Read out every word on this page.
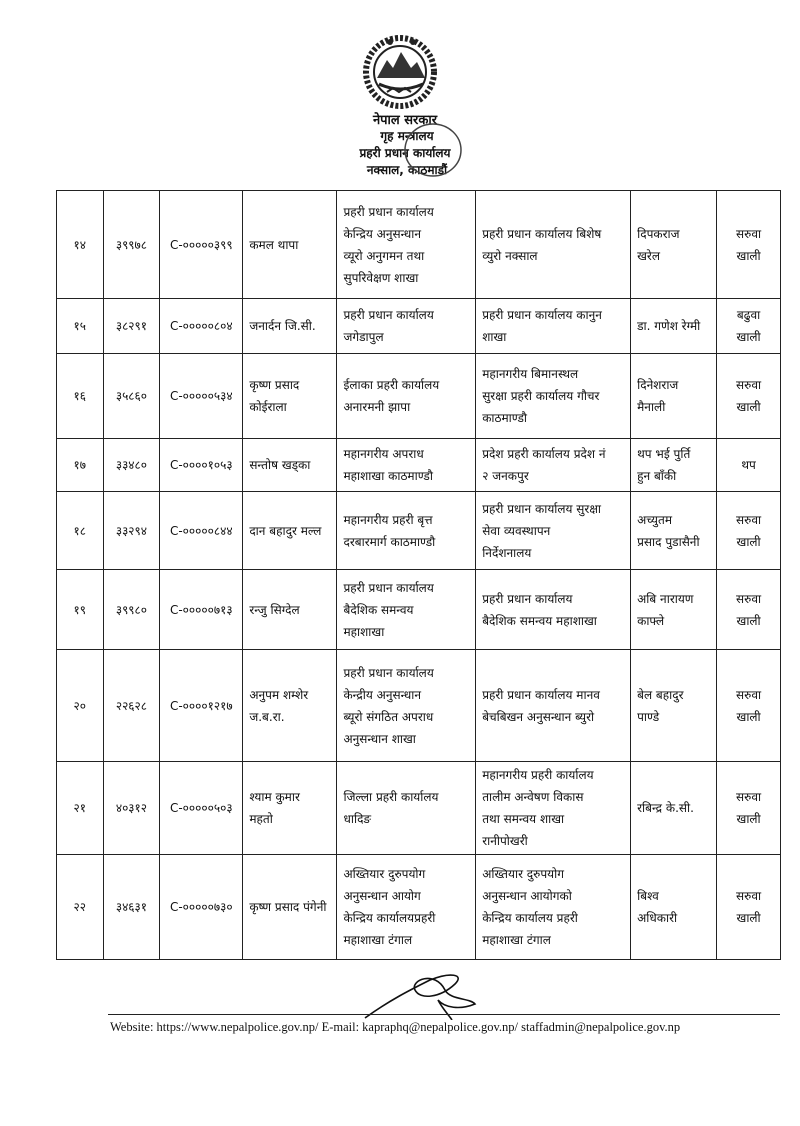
नेपाल सरकार
गृह मन्त्रालय
प्रहरी प्रधान कार्यालय
नक्साल, काठमाडौं
१४	३९९७८	C-०००००३९९	कमल थापा	प्रहरी प्रधान कार्यालय
केन्द्रिय अनुसन्धान
व्यूरो अनुगमन तथा
सुपरिवेक्षण शाखा	प्रहरी प्रधान कार्यालय बिशेष
व्युरो नक्साल	दिपकराज
खरेल	सरुवा
खाली

१५	३८२९१	C-०००००८०४	जनार्दन जि.सी.	प्रहरी प्रधान कार्यालय
जगेडापुल	प्रहरी प्रधान कार्यालय कानुन
शाखा	डा. गणेश रेग्मी	बढुवा
खाली

१६	३५८६०	C-०००००५३४	कृष्ण प्रसाद
कोईराला	ईलाका प्रहरी कार्यालय
अनारमनी झापा	महानगरीय बिमानस्थल
सुरक्षा प्रहरी कार्यालय गौचर
काठमाण्डौ	दिनेशराज
मैनाली	सरुवा
खाली

१७	३३४८०	C-००००१०५३	सन्तोष खड्का	महानगरीय अपराध
महाशाखा काठमाण्डौ	प्रदेश प्रहरी कार्यालय प्रदेश नं
२ जनकपुर	थप भई पुर्ति
हुन बाँकी	थप

१८	३३२९४	C-०००००८४४	दान बहादुर मल्ल	महानगरीय प्रहरी बृत्त
दरबारमार्ग काठमाण्डौ	प्रहरी प्रधान कार्यालय सुरक्षा
सेवा व्यवस्थापन
निर्देशनालय	अच्युतम
प्रसाद पुडासैनी	सरुवा
खाली

१९	३९९८०	C-०००००७१३	रन्जु सिग्देल	प्रहरी प्रधान कार्यालय
बैदेशिक समन्वय
महाशाखा	प्रहरी प्रधान कार्यालय
बैदेशिक समन्वय महाशाखा	अबि नारायण
काफ्ले	सरुवा
खाली

२०	२२६२८	C-००००१२१७	अनुपम शम्शेर
ज.ब.रा.	प्रहरी प्रधान कार्यालय
केन्द्रीय अनुसन्धान
ब्यूरो संगठित अपराध
अनुसन्धान शाखा	प्रहरी प्रधान कार्यालय मानव
बेचबिखन अनुसन्धान ब्युरो	बेल बहादुर
पाण्डे	सरुवा
खाली

२१	४०३१२	C-०००००५०३	श्याम कुमार
महतो	जिल्ला प्रहरी कार्यालय
धादिङ	महानगरीय प्रहरी कार्यालय
तालीम अन्वेषण विकास
तथा समन्वय शाखा
रानीपोखरी	रबिन्द्र के.सी.	सरुवा
खाली

२२	३४६३१	C-०००००७३०	कृष्ण प्रसाद पंगेनी	अख्तियार दुरुपयोग
अनुसन्धान आयोग
केन्द्रिय कार्यालयप्रहरी
महाशाखा टंगाल	अख्तियार दुरुपयोग
अनुसन्धान आयोगको
केन्द्रिय कार्यालय प्रहरी
महाशाखा टंगाल	बिश्व
अधिकारी	सरुवा
खाली
Website: https://www.nepalpolice.gov.np/ E-mail: kapraphq@nepalpolice.gov.np/ staffadmin@nepalpolice.gov.np
